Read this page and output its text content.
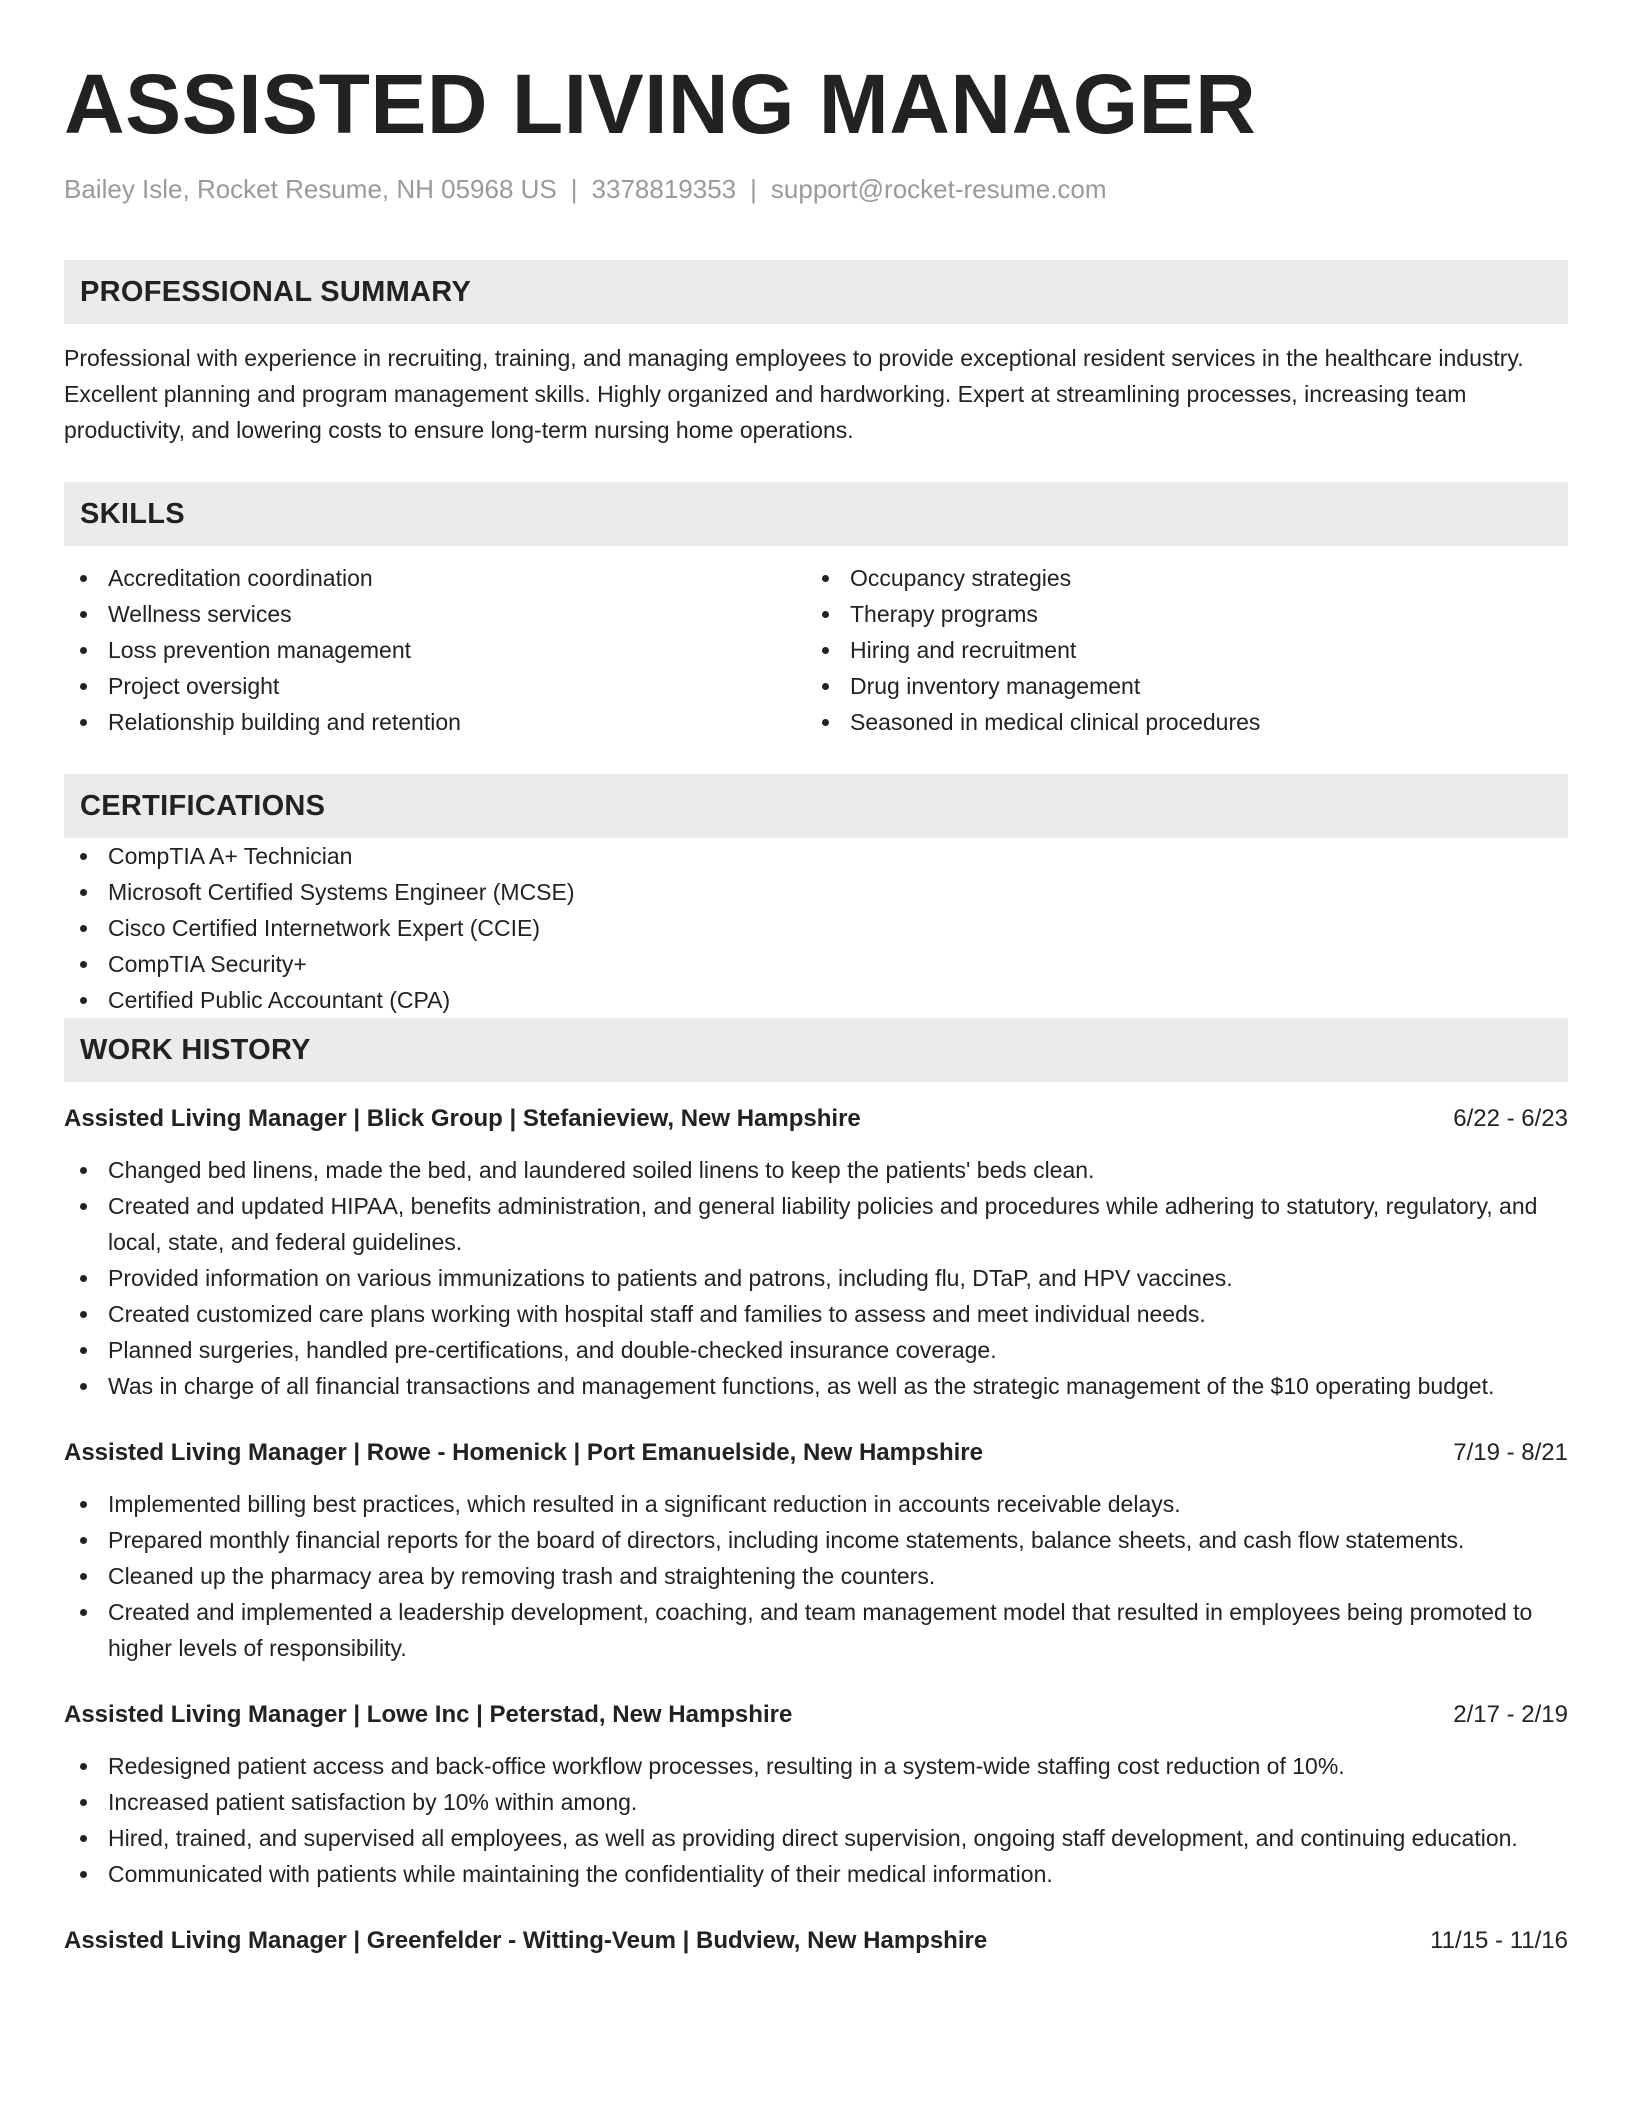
ASSISTED LIVING MANAGER
Bailey Isle, Rocket Resume, NH 05968 US | 3378819353 | support@rocket-resume.com
PROFESSIONAL SUMMARY

Professional with experience in recruiting, training, and managing employees to provide exceptional resident services in the healthcare industry. Excellent planning and program management skills. Highly organized and hardworking. Expert at streamlining processes, increasing team productivity, and lowering costs to ensure long-term nursing home operations.

SKILLS
Accreditation coordination
Wellness services
Loss prevention management
Project oversight
Relationship building and retention
Occupancy strategies
Therapy programs
Hiring and recruitment
Drug inventory management
Seasoned in medical clinical procedures
CERTIFICATIONS
CompTIA A+ Technician
Microsoft Certified Systems Engineer (MCSE)
Cisco Certified Internetwork Expert (CCIE)
CompTIA Security+
Certified Public Accountant (CPA)
WORK HISTORY
Assisted Living Manager | Blick Group | Stefanieview, New Hampshire	6/22 - 6/23
Changed bed linens, made the bed, and laundered soiled linens to keep the patients' beds clean.
Created and updated HIPAA, benefits administration, and general liability policies and procedures while adhering to statutory, regulatory, and local, state, and federal guidelines.
Provided information on various immunizations to patients and patrons, including flu, DTaP, and HPV vaccines.
Created customized care plans working with hospital staff and families to assess and meet individual needs.
Planned surgeries, handled pre-certifications, and double-checked insurance coverage.
Was in charge of all financial transactions and management functions, as well as the strategic management of the $10 operating budget.
Assisted Living Manager | Rowe - Homenick | Port Emanuelside, New Hampshire	7/19 - 8/21
Implemented billing best practices, which resulted in a significant reduction in accounts receivable delays.
Prepared monthly financial reports for the board of directors, including income statements, balance sheets, and cash flow statements.
Cleaned up the pharmacy area by removing trash and straightening the counters.
Created and implemented a leadership development, coaching, and team management model that resulted in employees being promoted to higher levels of responsibility.
Assisted Living Manager | Lowe Inc | Peterstad, New Hampshire	2/17 - 2/19
Redesigned patient access and back-office workflow processes, resulting in a system-wide staffing cost reduction of 10%.
Increased patient satisfaction by 10% within among.
Hired, trained, and supervised all employees, as well as providing direct supervision, ongoing staff development, and continuing education.
Communicated with patients while maintaining the confidentiality of their medical information.
Assisted Living Manager | Greenfelder - Witting-Veum | Budview, New Hampshire	11/15 - 11/16
